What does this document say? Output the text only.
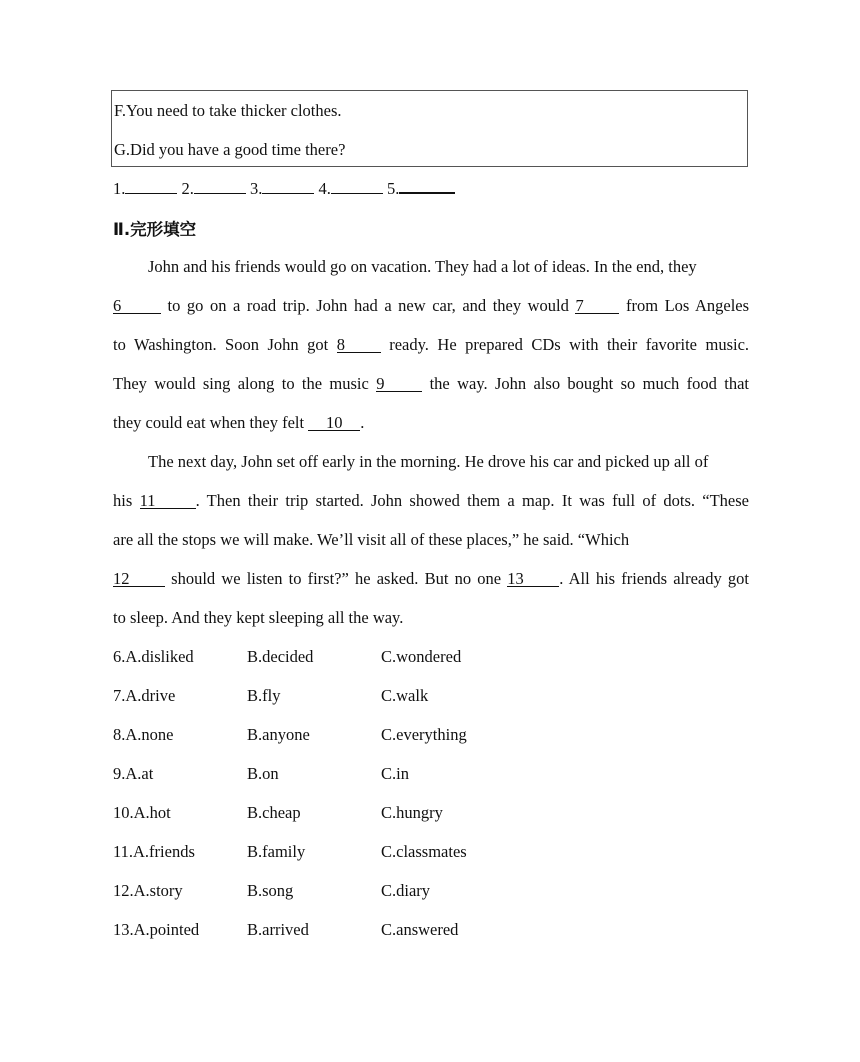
F.You need to take thicker clothes.
G.Did you have a good time there?
1.	2.	3.	4.	5.
Ⅱ.完形填空
John and his friends would go on vacation. They had a lot of ideas. In the end, they
6	to go on a road trip. John had a new car, and they would 7	from Los Angeles
to Washington. Soon John got 8	ready. He prepared CDs with their favorite music.
They would sing along to the music 9	the way. John also bought so much food that
they could eat when they felt 10 .
The next day, John set off early in the morning. He drove his car and picked up all of
his 11 . Then their trip started. John showed them a map. It was full of dots. “These
are all the stops we will make. We’ll visit all of these places,” he said. “Which
12	should we listen to first?” he asked. But no one 13 . All his friends already got
to sleep. And they kept sleeping all the way.
6.A.disliked	B.decided	C.wondered
7.A.drive	B.fly	C.walk
8.A.none	B.anyone	C.everything
9.A.at	B.on	C.in
10.A.hot	B.cheap	C.hungry
11.A.friends	B.family	C.classmates
12.A.story	B.song	C.diary
13.A.pointed	B.arrived	C.answered
